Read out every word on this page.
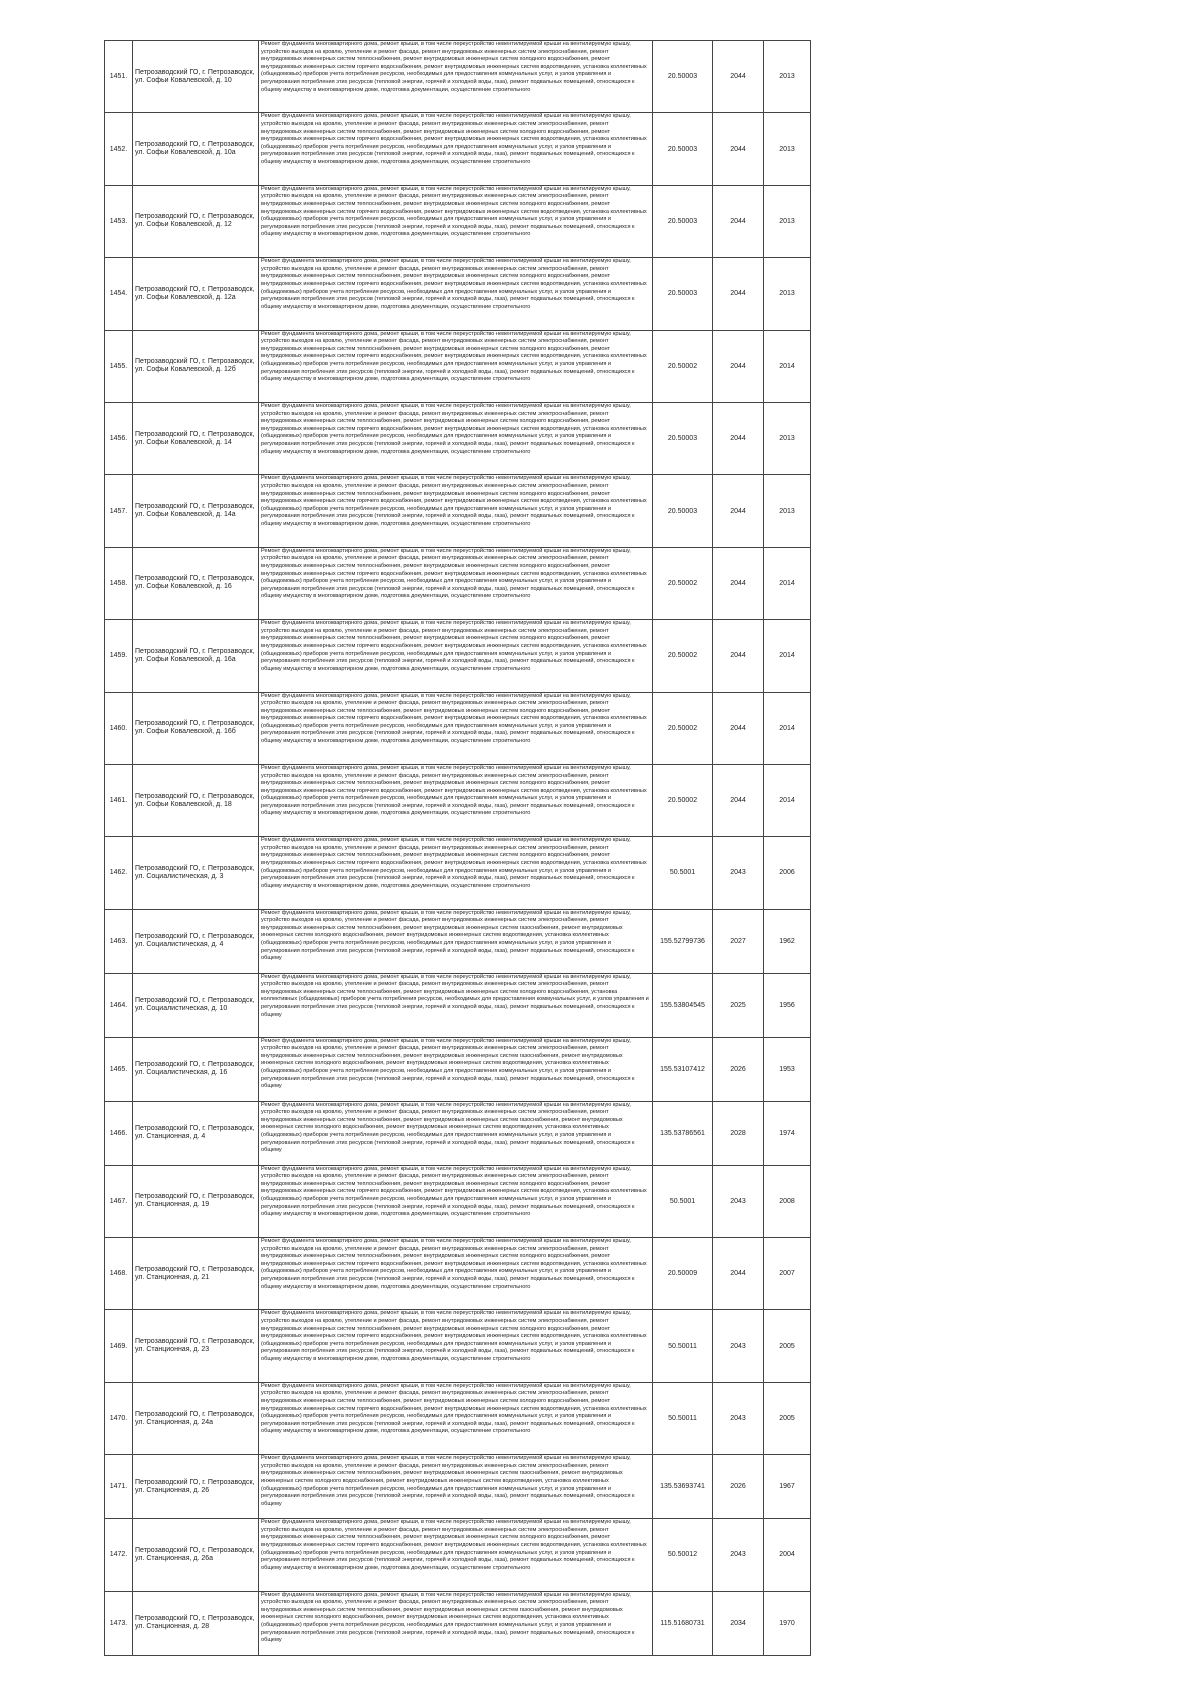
1451.	Петрозаводский ГО, г. Петрозаводск, ул. Софьи Ковалевской, д. 10	Ремонт фундамента многоквартирного дома, ремонт крыши, в том числе переустройство невентилируемой крыши на вентилируемую крышу, устройство выходов на кровлю, утепление и ремонт фасада, ремонт внутридомовых инженерных систем электроснабжения, ремонт внутридомовых инженерных систем теплоснабжения, ремонт внутридомовых инженерных систем холодного водоснабжения, ремонт внутридомовых инженерных систем горячего водоснабжения, ремонт внутридомовых инженерных систем водоотведения, установка коллективных (общедомовых) приборов учета потребления ресурсов, необходимых для предоставления коммунальных услуг, и узлов управления и регулирования потребления этих ресурсов (тепловой энергии, горячей и холодной воды, газа), ремонт подвальных помещений, относящихся к общему имуществу в многоквартирном доме, подготовка документации, осуществление строительного	20.50003	2044	2013
1452.	Петрозаводский ГО, г. Петрозаводск, ул. Софьи Ковалевской, д. 10а	Ремонт фундамента многоквартирного дома, ремонт крыши, в том числе переустройство невентилируемой крыши на вентилируемую крышу, устройство выходов на кровлю, утепление и ремонт фасада, ремонт внутридомовых инженерных систем электроснабжения, ремонт внутридомовых инженерных систем теплоснабжения, ремонт внутридомовых инженерных систем холодного водоснабжения, ремонт внутридомовых инженерных систем горячего водоснабжения, ремонт внутридомовых инженерных систем водоотведения, установка коллективных (общедомовых) приборов учета потребления ресурсов, необходимых для предоставления коммунальных услуг, и узлов управления и регулирования потребления этих ресурсов (тепловой энергии, горячей и холодной воды, газа), ремонт подвальных помещений, относящихся к общему имуществу в многоквартирном доме, подготовка документации, осуществление строительного	20.50003	2044	2013
1453.	Петрозаводский ГО, г. Петрозаводск, ул. Софьи Ковалевской, д. 12	Ремонт фундамента многоквартирного дома, ремонт крыши, в том числе переустройство невентилируемой крыши на вентилируемую крышу, устройство выходов на кровлю, утепление и ремонт фасада, ремонт внутридомовых инженерных систем электроснабжения, ремонт внутридомовых инженерных систем теплоснабжения, ремонт внутридомовых инженерных систем холодного водоснабжения, ремонт внутридомовых инженерных систем горячего водоснабжения, ремонт внутридомовых инженерных систем водоотведения, установка коллективных (общедомовых) приборов учета потребления ресурсов, необходимых для предоставления коммунальных услуг, и узлов управления и регулирования потребления этих ресурсов (тепловой энергии, горячей и холодной воды, газа), ремонт подвальных помещений, относящихся к общему имуществу в многоквартирном доме, подготовка документации, осуществление строительного	20.50003	2044	2013
1454.	Петрозаводский ГО, г. Петрозаводск, ул. Софьи Ковалевской, д. 12а	Ремонт фундамента многоквартирного дома, ремонт крыши, в том числе переустройство невентилируемой крыши на вентилируемую крышу, устройство выходов на кровлю, утепление и ремонт фасада, ремонт внутридомовых инженерных систем электроснабжения, ремонт внутридомовых инженерных систем теплоснабжения, ремонт внутридомовых инженерных систем холодного водоснабжения, ремонт внутридомовых инженерных систем горячего водоснабжения, ремонт внутридомовых инженерных систем водоотведения, установка коллективных (общедомовых) приборов учета потребления ресурсов, необходимых для предоставления коммунальных услуг, и узлов управления и регулирования потребления этих ресурсов (тепловой энергии, горячей и холодной воды, газа), ремонт подвальных помещений, относящихся к общему имуществу в многоквартирном доме, подготовка документации, осуществление строительного	20.50003	2044	2013
1455.	Петрозаводский ГО, г. Петрозаводск, ул. Софьи Ковалевской, д. 12б	Ремонт фундамента многоквартирного дома, ремонт крыши, в том числе переустройство невентилируемой крыши на вентилируемую крышу, устройство выходов на кровлю, утепление и ремонт фасада, ремонт внутридомовых инженерных систем электроснабжения, ремонт внутридомовых инженерных систем теплоснабжения, ремонт внутридомовых инженерных систем холодного водоснабжения, ремонт внутридомовых инженерных систем горячего водоснабжения, ремонт внутридомовых инженерных систем водоотведения, установка коллективных (общедомовых) приборов учета потребления ресурсов, необходимых для предоставления коммунальных услуг, и узлов управления и регулирования потребления этих ресурсов (тепловой энергии, горячей и холодной воды, газа), ремонт подвальных помещений, относящихся к общему имуществу в многоквартирном доме, подготовка документации, осуществление строительного	20.50002	2044	2014
1456.	Петрозаводский ГО, г. Петрозаводск, ул. Софьи Ковалевской, д. 14	Ремонт фундамента многоквартирного дома, ремонт крыши, в том числе переустройство невентилируемой крыши на вентилируемую крышу, устройство выходов на кровлю, утепление и ремонт фасада, ремонт внутридомовых инженерных систем электроснабжения, ремонт внутридомовых инженерных систем теплоснабжения, ремонт внутридомовых инженерных систем холодного водоснабжения, ремонт внутридомовых инженерных систем горячего водоснабжения, ремонт внутридомовых инженерных систем водоотведения, установка коллективных (общедомовых) приборов учета потребления ресурсов, необходимых для предоставления коммунальных услуг, и узлов управления и регулирования потребления этих ресурсов (тепловой энергии, горячей и холодной воды, газа), ремонт подвальных помещений, относящихся к общему имуществу в многоквартирном доме, подготовка документации, осуществление строительного	20.50003	2044	2013
1457.	Петрозаводский ГО, г. Петрозаводск, ул. Софьи Ковалевской, д. 14а	Ремонт фундамента многоквартирного дома, ремонт крыши, в том числе переустройство невентилируемой крыши на вентилируемую крышу, устройство выходов на кровлю, утепление и ремонт фасада, ремонт внутридомовых инженерных систем электроснабжения, ремонт внутридомовых инженерных систем теплоснабжения, ремонт внутридомовых инженерных систем холодного водоснабжения, ремонт внутридомовых инженерных систем горячего водоснабжения, ремонт внутридомовых инженерных систем водоотведения, установка коллективных (общедомовых) приборов учета потребления ресурсов, необходимых для предоставления коммунальных услуг, и узлов управления и регулирования потребления этих ресурсов (тепловой энергии, горячей и холодной воды, газа), ремонт подвальных помещений, относящихся к общему имуществу в многоквартирном доме, подготовка документации, осуществление строительного	20.50003	2044	2013
1458.	Петрозаводский ГО, г. Петрозаводск, ул. Софьи Ковалевской, д. 16	Ремонт фундамента многоквартирного дома, ремонт крыши, в том числе переустройство невентилируемой крыши на вентилируемую крышу, устройство выходов на кровлю, утепление и ремонт фасада, ремонт внутридомовых инженерных систем электроснабжения, ремонт внутридомовых инженерных систем теплоснабжения, ремонт внутридомовых инженерных систем холодного водоснабжения, ремонт внутридомовых инженерных систем горячего водоснабжения, ремонт внутридомовых инженерных систем водоотведения, установка коллективных (общедомовых) приборов учета потребления ресурсов, необходимых для предоставления коммунальных услуг, и узлов управления и регулирования потребления этих ресурсов (тепловой энергии, горячей и холодной воды, газа), ремонт подвальных помещений, относящихся к общему имуществу в многоквартирном доме, подготовка документации, осуществление строительного	20.50002	2044	2014
1459.	Петрозаводский ГО, г. Петрозаводск, ул. Софьи Ковалевской, д. 16а	Ремонт фундамента многоквартирного дома, ремонт крыши, в том числе переустройство невентилируемой крыши на вентилируемую крышу, устройство выходов на кровлю, утепление и ремонт фасада, ремонт внутридомовых инженерных систем электроснабжения, ремонт внутридомовых инженерных систем теплоснабжения, ремонт внутридомовых инженерных систем холодного водоснабжения, ремонт внутридомовых инженерных систем горячего водоснабжения, ремонт внутридомовых инженерных систем водоотведения, установка коллективных (общедомовых) приборов учета потребления ресурсов, необходимых для предоставления коммунальных услуг, и узлов управления и регулирования потребления этих ресурсов (тепловой энергии, горячей и холодной воды, газа), ремонт подвальных помещений, относящихся к общему имуществу в многоквартирном доме, подготовка документации, осуществление строительного	20.50002	2044	2014
1460.	Петрозаводский ГО, г. Петрозаводск, ул. Софьи Ковалевской, д. 16б	Ремонт фундамента многоквартирного дома, ремонт крыши, в том числе переустройство невентилируемой крыши на вентилируемую крышу, устройство выходов на кровлю, утепление и ремонт фасада, ремонт внутридомовых инженерных систем электроснабжения, ремонт внутридомовых инженерных систем теплоснабжения, ремонт внутридомовых инженерных систем холодного водоснабжения, ремонт внутридомовых инженерных систем горячего водоснабжения, ремонт внутридомовых инженерных систем водоотведения, установка коллективных (общедомовых) приборов учета потребления ресурсов, необходимых для предоставления коммунальных услуг, и узлов управления и регулирования потребления этих ресурсов (тепловой энергии, горячей и холодной воды, газа), ремонт подвальных помещений, относящихся к общему имуществу в многоквартирном доме, подготовка документации, осуществление строительного	20.50002	2044	2014
1461.	Петрозаводский ГО, г. Петрозаводск, ул. Софьи Ковалевской, д. 18	Ремонт фундамента многоквартирного дома, ремонт крыши, в том числе переустройство невентилируемой крыши на вентилируемую крышу, устройство выходов на кровлю, утепление и ремонт фасада, ремонт внутридомовых инженерных систем электроснабжения, ремонт внутридомовых инженерных систем теплоснабжения, ремонт внутридомовых инженерных систем холодного водоснабжения, ремонт внутридомовых инженерных систем горячего водоснабжения, ремонт внутридомовых инженерных систем водоотведения, установка коллективных (общедомовых) приборов учета потребления ресурсов, необходимых для предоставления коммунальных услуг, и узлов управления и регулирования потребления этих ресурсов (тепловой энергии, горячей и холодной воды, газа), ремонт подвальных помещений, относящихся к общему имуществу в многоквартирном доме, подготовка документации, осуществление строительного	20.50002	2044	2014
1462.	Петрозаводский ГО, г. Петрозаводск, ул. Социалистическая, д. 3	Ремонт фундамента многоквартирного дома, ремонт крыши, в том числе переустройство невентилируемой крыши на вентилируемую крышу, устройство выходов на кровлю, утепление и ремонт фасада, ремонт внутридомовых инженерных систем электроснабжения, ремонт внутридомовых инженерных систем теплоснабжения, ремонт внутридомовых инженерных систем холодного водоснабжения, ремонт внутридомовых инженерных систем горячего водоснабжения, ремонт внутридомовых инженерных систем водоотведения, установка коллективных (общедомовых) приборов учета потребления ресурсов, необходимых для предоставления коммунальных услуг, и узлов управления и регулирования потребления этих ресурсов (тепловой энергии, горячей и холодной воды, газа), ремонт подвальных помещений, относящихся к общему имуществу в многоквартирном доме, подготовка документации, осуществление строительного	50.5001	2043	2006
1463.	Петрозаводский ГО, г. Петрозаводск, ул. Социалистическая, д. 4	Ремонт фундамента многоквартирного дома, ремонт крыши, в том числе переустройство невентилируемой крыши на вентилируемую крышу, устройство выходов на кровлю, утепление и ремонт фасада, ремонт внутридомовых инженерных систем электроснабжения, ремонт внутридомовых инженерных систем теплоснабжения, ремонт внутридомовых инженерных систем газоснабжения, ремонт внутридомовых инженерных систем холодного водоснабжения, ремонт внутридомовых инженерных систем водоотведения, установка коллективных (общедомовых) приборов учета потребления ресурсов, необходимых для предоставления коммунальных услуг, и узлов управления и регулирования потребления этих ресурсов (тепловой энергии, горячей и холодной воды, газа), ремонт подвальных помещений, относящихся к общему	155.52799736	2027	1962
1464.	Петрозаводский ГО, г. Петрозаводск, ул. Социалистическая, д. 10	Ремонт фундамента многоквартирного дома, ремонт крыши, в том числе переустройство невентилируемой крыши на вентилируемую крышу, устройство выходов на кровлю, утепление и ремонт фасада, ремонт внутридомовых инженерных систем электроснабжения, ремонт внутридомовых инженерных систем теплоснабжения, ремонт внутридомовых инженерных систем холодного водоснабжения, установка коллективных (общедомовых) приборов учета потребления ресурсов, необходимых для предоставления коммунальных услуг, и узлов управления и регулирования потребления этих ресурсов (тепловой энергии, горячей и холодной воды, газа), ремонт подвальных помещений, относящихся к общему	155.53804545	2025	1956
1465.	Петрозаводский ГО, г. Петрозаводск, ул. Социалистическая, д. 16	Ремонт фундамента многоквартирного дома, ремонт крыши, в том числе переустройство невентилируемой крыши на вентилируемую крышу, устройство выходов на кровлю, утепление и ремонт фасада, ремонт внутридомовых инженерных систем электроснабжения, ремонт внутридомовых инженерных систем теплоснабжения, ремонт внутридомовых инженерных систем газоснабжения, ремонт внутридомовых инженерных систем холодного водоснабжения, ремонт внутридомовых инженерных систем водоотведения, установка коллективных (общедомовых) приборов учета потребления ресурсов, необходимых для предоставления коммунальных услуг, и узлов управления и регулирования потребления этих ресурсов (тепловой энергии, горячей и холодной воды, газа), ремонт подвальных помещений, относящихся к общему	155.53107412	2026	1953
1466.	Петрозаводский ГО, г. Петрозаводск, ул. Станционная, д. 4	Ремонт фундамента многоквартирного дома, ремонт крыши, в том числе переустройство невентилируемой крыши на вентилируемую крышу, устройство выходов на кровлю, утепление и ремонт фасада, ремонт внутридомовых инженерных систем электроснабжения, ремонт внутридомовых инженерных систем теплоснабжения, ремонт внутридомовых инженерных систем газоснабжения, ремонт внутридомовых инженерных систем холодного водоснабжения, ремонт внутридомовых инженерных систем водоотведения, установка коллективных (общедомовых) приборов учета потребления ресурсов, необходимых для предоставления коммунальных услуг, и узлов управления и регулирования потребления этих ресурсов (тепловой энергии, горячей и холодной воды, газа), ремонт подвальных помещений, относящихся к общему	135.53786561	2028	1974
1467.	Петрозаводский ГО, г. Петрозаводск, ул. Станционная, д. 19	Ремонт фундамента многоквартирного дома, ремонт крыши, в том числе переустройство невентилируемой крыши на вентилируемую крышу, устройство выходов на кровлю, утепление и ремонт фасада, ремонт внутридомовых инженерных систем электроснабжения, ремонт внутридомовых инженерных систем теплоснабжения, ремонт внутридомовых инженерных систем холодного водоснабжения, ремонт внутридомовых инженерных систем горячего водоснабжения, ремонт внутридомовых инженерных систем водоотведения, установка коллективных (общедомовых) приборов учета потребления ресурсов, необходимых для предоставления коммунальных услуг, и узлов управления и регулирования потребления этих ресурсов (тепловой энергии, горячей и холодной воды, газа), ремонт подвальных помещений, относящихся к общему имуществу в многоквартирном доме, подготовка документации, осуществление строительного	50.5001	2043	2008
1468.	Петрозаводский ГО, г. Петрозаводск, ул. Станционная, д. 21	Ремонт фундамента многоквартирного дома, ремонт крыши, в том числе переустройство невентилируемой крыши на вентилируемую крышу, устройство выходов на кровлю, утепление и ремонт фасада, ремонт внутридомовых инженерных систем электроснабжения, ремонт внутридомовых инженерных систем теплоснабжения, ремонт внутридомовых инженерных систем холодного водоснабжения, ремонт внутридомовых инженерных систем горячего водоснабжения, ремонт внутридомовых инженерных систем водоотведения, установка коллективных (общедомовых) приборов учета потребления ресурсов, необходимых для предоставления коммунальных услуг, и узлов управления и регулирования потребления этих ресурсов (тепловой энергии, горячей и холодной воды, газа), ремонт подвальных помещений, относящихся к общему имуществу в многоквартирном доме, подготовка документации, осуществление строительного	20.50009	2044	2007
1469.	Петрозаводский ГО, г. Петрозаводск, ул. Станционная, д. 23	Ремонт фундамента многоквартирного дома, ремонт крыши, в том числе переустройство невентилируемой крыши на вентилируемую крышу, устройство выходов на кровлю, утепление и ремонт фасада, ремонт внутридомовых инженерных систем электроснабжения, ремонт внутридомовых инженерных систем теплоснабжения, ремонт внутридомовых инженерных систем холодного водоснабжения, ремонт внутридомовых инженерных систем горячего водоснабжения, ремонт внутридомовых инженерных систем водоотведения, установка коллективных (общедомовых) приборов учета потребления ресурсов, необходимых для предоставления коммунальных услуг, и узлов управления и регулирования потребления этих ресурсов (тепловой энергии, горячей и холодной воды, газа), ремонт подвальных помещений, относящихся к общему имуществу в многоквартирном доме, подготовка документации, осуществление строительного	50.50011	2043	2005
1470.	Петрозаводский ГО, г. Петрозаводск, ул. Станционная, д. 24а	Ремонт фундамента многоквартирного дома, ремонт крыши, в том числе переустройство невентилируемой крыши на вентилируемую крышу, устройство выходов на кровлю, утепление и ремонт фасада, ремонт внутридомовых инженерных систем электроснабжения, ремонт внутридомовых инженерных систем теплоснабжения, ремонт внутридомовых инженерных систем холодного водоснабжения, ремонт внутридомовых инженерных систем горячего водоснабжения, ремонт внутридомовых инженерных систем водоотведения, установка коллективных (общедомовых) приборов учета потребления ресурсов, необходимых для предоставления коммунальных услуг, и узлов управления и регулирования потребления этих ресурсов (тепловой энергии, горячей и холодной воды, газа), ремонт подвальных помещений, относящихся к общему имуществу в многоквартирном доме, подготовка документации, осуществление строительного	50.50011	2043	2005
1471.	Петрозаводский ГО, г. Петрозаводск, ул. Станционная, д. 26	Ремонт фундамента многоквартирного дома, ремонт крыши, в том числе переустройство невентилируемой крыши на вентилируемую крышу, устройство выходов на кровлю, утепление и ремонт фасада, ремонт внутридомовых инженерных систем электроснабжения, ремонт внутридомовых инженерных систем теплоснабжения, ремонт внутридомовых инженерных систем газоснабжения, ремонт внутридомовых инженерных систем холодного водоснабжения, ремонт внутридомовых инженерных систем водоотведения, установка коллективных (общедомовых) приборов учета потребления ресурсов, необходимых для предоставления коммунальных услуг, и узлов управления и регулирования потребления этих ресурсов (тепловой энергии, горячей и холодной воды, газа), ремонт подвальных помещений, относящихся к общему	135.53693741	2026	1967
1472.	Петрозаводский ГО, г. Петрозаводск, ул. Станционная, д. 26а	Ремонт фундамента многоквартирного дома, ремонт крыши, в том числе переустройство невентилируемой крыши на вентилируемую крышу, устройство выходов на кровлю, утепление и ремонт фасада, ремонт внутридомовых инженерных систем электроснабжения, ремонт внутридомовых инженерных систем теплоснабжения, ремонт внутридомовых инженерных систем холодного водоснабжения, ремонт внутридомовых инженерных систем горячего водоснабжения, ремонт внутридомовых инженерных систем водоотведения, установка коллективных (общедомовых) приборов учета потребления ресурсов, необходимых для предоставления коммунальных услуг, и узлов управления и регулирования потребления этих ресурсов (тепловой энергии, горячей и холодной воды, газа), ремонт подвальных помещений, относящихся к общему имуществу в многоквартирном доме, подготовка документации, осуществление строительного	50.50012	2043	2004
1473.	Петрозаводский ГО, г. Петрозаводск, ул. Станционная, д. 28	Ремонт фундамента многоквартирного дома, ремонт крыши, в том числе переустройство невентилируемой крыши на вентилируемую крышу, устройство выходов на кровлю, утепление и ремонт фасада, ремонт внутридомовых инженерных систем электроснабжения, ремонт внутридомовых инженерных систем теплоснабжения, ремонт внутридомовых инженерных систем газоснабжения, ремонт внутридомовых инженерных систем холодного водоснабжения, ремонт внутридомовых инженерных систем водоотведения, установка коллективных (общедомовых) приборов учета потребления ресурсов, необходимых для предоставления коммунальных услуг, и узлов управления и регулирования потребления этих ресурсов (тепловой энергии, горячей и холодной воды, газа), ремонт подвальных помещений, относящихся к общему	115.51680731	2034	1970
